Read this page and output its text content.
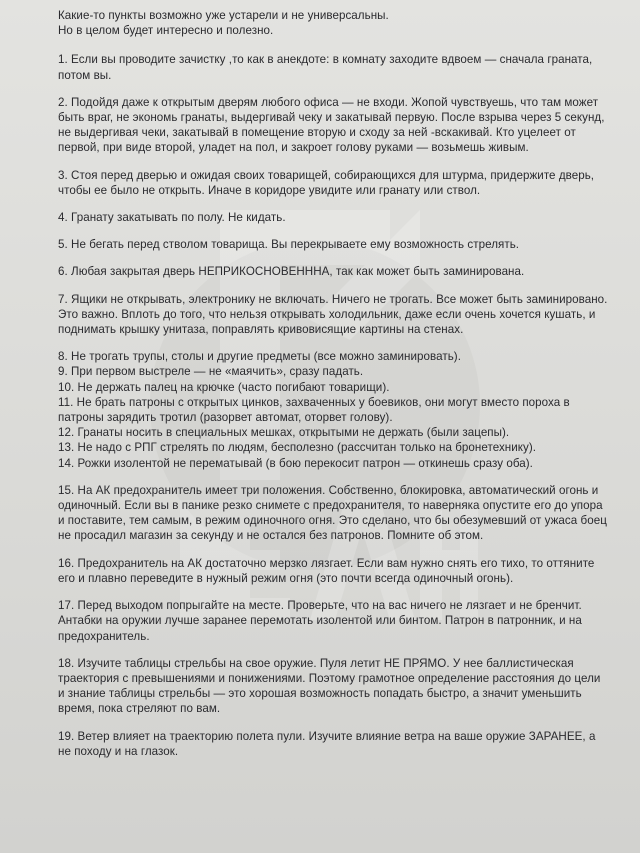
Какие-то пункты возможно уже устарели и не универсальны.

Но в целом будет интересно и полезно.

1. Если вы проводите зачистку ,то как в анекдоте: в комнату заходите вдвоем — сначала граната, потом вы.

2. Подойдя даже к открытым дверям любого офиса — не входи. Жопой чувствуешь, что там может быть враг, не экономь гранаты, выдергивай чеку и закатывай первую. После взрыва через 5 секунд, не выдергивая чеки, закатывай в помещение вторую и сходу за ней -вскакивай. Кто уцелеет от первой, при виде второй, уладет на пол, и закроет голову руками — возьмешь живым.

3. Стоя перед дверью и ожидая своих товарищей, собирающихся для штурма, придержите дверь, чтобы ее было не открыть. Иначе в коридоре увидите или гранату или ствол.

4. Гранату закатывать по полу. Не кидать.

5. Не бегать перед стволом товарища. Вы перекрываете ему возможность стрелять.

6. Любая закрытая дверь НЕПРИКОСНОВЕНННА, так как может быть заминирована.

7. Ящики не открывать, электронику не включать. Ничего не трогать. Все может быть заминировано. Это важно. Вплоть до того, что нельзя открывать холодильник, даже если очень хочется кушать, и поднимать крышку унитаза, поправлять кривовисящие картины на стенах.

8. Не трогать трупы, столы и другие предметы (все можно заминировать).

9. При первом выстреле — не «маячить», сразу падать.

10. Не держать палец на крючке (часто погибают товарищи).

11. Не брать патроны с открытых цинков, захваченных у боевиков, они могут вместо пороха в патроны зарядить тротил (разорвет автомат, оторвет голову).

12. Гранаты носить в специальных мешках, открытыми не держать (были зацепы).

13. Не надо с РПГ стрелять по людям, бесполезно (рассчитан только на бронетехнику).

14. Рожки изолентой не перематывай (в бою перекосит патрон — откинешь сразу оба).

15. На АК предохранитель имеет три положения. Собственно, блокировка, автоматический огонь и одиночный. Если вы в панике резко снимете с предохранителя, то наверняка опустите его до упора и поставите, тем самым, в режим одиночного огня. Это сделано, что бы обезумевший от ужаса боец не просадил магазин за секунду и не остался без патронов. Помните об этом.

16. Предохранитель на АК достаточно мерзко лязгает. Если вам нужно снять его тихо, то оттяните его и плавно переведите в нужный режим огня (это почти всегда одиночный огонь).

17. Перед выходом попрыгайте на месте. Проверьте, что на вас ничего не лязгает и не бренчит. Антабки на оружии лучше заранее перемотать изолентой или бинтом. Патрон в патронник, и на предохранитель.

18. Изучите таблицы стрельбы на свое оружие. Пуля летит НЕ ПРЯМО. У нее баллистическая траектория с превышениями и понижениями. Поэтому грамотное определение расстояния до цели и знание таблицы стрельбы — это хорошая возможность попадать быстро, а значит уменьшить время, пока стреляют по вам.

19. Ветер влияет на траекторию полета пули. Изучите влияние ветра на ваше оружие ЗАРАНЕЕ, а не походу и на глазок.
